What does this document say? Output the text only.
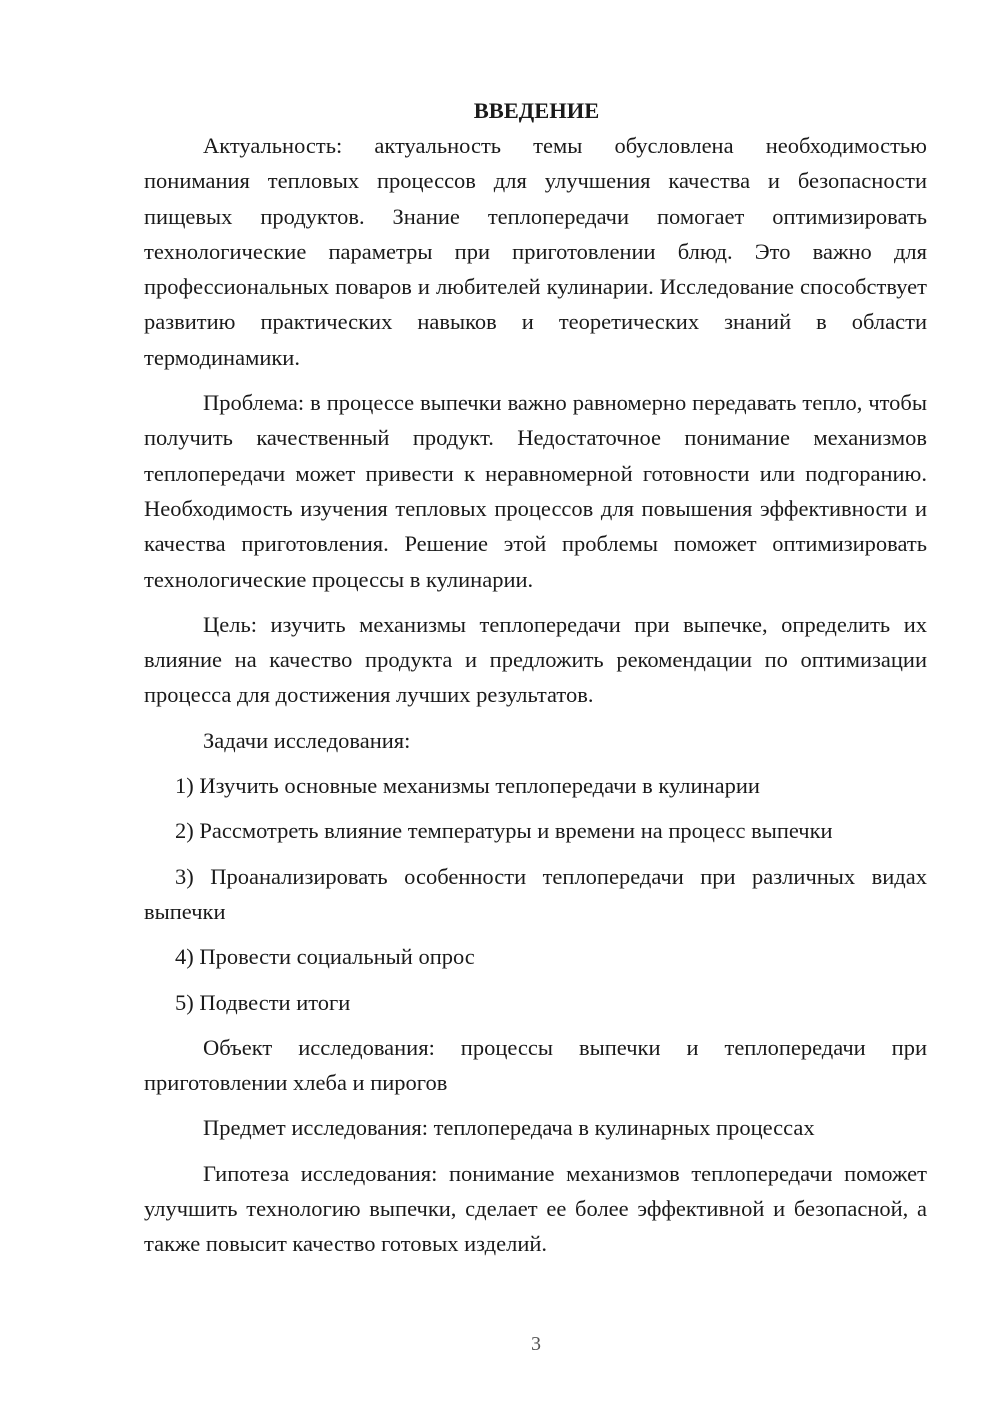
ВВЕДЕНИЕ

Актуальность: актуальность темы обусловлена необходимостью понимания тепловых процессов для улучшения качества и безопасности пищевых продуктов. Знание теплопередачи помогает оптимизировать технологические параметры при приготовлении блюд. Это важно для профессиональных поваров и любителей кулинарии. Исследование способствует развитию практических навыков и теоретических знаний в области термодинамики.

Проблема: в процессе выпечки важно равномерно передавать тепло, чтобы получить качественный продукт. Недостаточное понимание механизмов теплопередачи может привести к неравномерной готовности или подгоранию. Необходимость изучения тепловых процессов для повышения эффективности и качества приготовления. Решение этой проблемы поможет оптимизировать технологические процессы в кулинарии.

Цель: изучить механизмы теплопередачи при выпечке, определить их влияние на качество продукта и предложить рекомендации по оптимизации процесса для достижения лучших результатов.

Задачи исследования:

1) Изучить основные механизмы теплопередачи в кулинарии

2) Рассмотреть влияние температуры и времени на процесс выпечки

3) Проанализировать особенности теплопередачи при различных видах выпечки

4) Провести социальный опрос

5) Подвести итоги

Объект исследования: процессы выпечки и теплопередачи при приготовлении хлеба и пирогов

Предмет исследования: теплопередача в кулинарных процессах

Гипотеза исследования: понимание механизмов теплопередачи поможет улучшить технологию выпечки, сделает ее более эффективной и безопасной, а также повысит качество готовых изделий.

3
